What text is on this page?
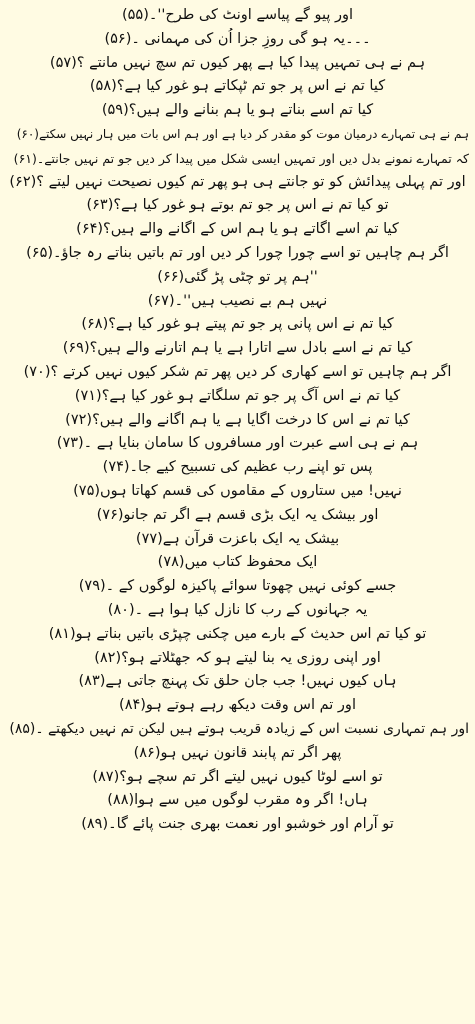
اور پیو گے پیاسے اونٹ کی طرح''۔(۵۵)
۔۔۔یہ ہو گی روزِ جزا اُن کی مہمانی ۔(۵۶)
ہم نے ہی تمہیں پیدا کیا ہے پھر کیوں تم سچ نہیں مانتے ؟(۵۷)
کیا تم نے اس پر جو تم ٹپکاتے ہو غور کیا ہے؟(۵۸)
کیا تم اسے بناتے ہو یا ہم بنانے والے ہیں؟(۵۹)
ہم نے ہی تمہارے درمیان موت کو مقدر کر دیا ہے اور ہم اس بات میں ہار نہیں سکتے(۶۰)
کہ تمہارے نمونے بدل دیں اور تمہیں ایسی شکل میں پیدا کر دیں جو تم نہیں جانتے۔(۶۱)
اور تم پہلی پیدائش کو تو جانتے ہی ہو پھر تم کیوں نصیحت نہیں لیتے ؟(۶۲)
تو کیا تم نے اس پر جو تم بوتے ہو غور کیا ہے؟(۶۳)
کیا تم اسے اگاتے ہو یا ہم اس کے اگانے والے ہیں؟(۶۴)
اگر ہم چاہیں تو اسے چورا چورا کر دیں اور تم باتیں بناتے رہ جاؤ۔(۶۵)
''ہم پر تو چٹی پڑ گئی(۶۶)
نہیں ہم بے نصیب ہیں''۔(۶۷)
کیا تم نے اس پانی پر جو تم پیتے ہو غور کیا ہے؟(۶۸)
کیا تم نے اسے بادل سے اتارا ہے یا ہم اتارنے والے ہیں؟(۶۹)
اگر ہم چاہیں تو اسے کھاری کر دیں پھر تم شکر کیوں نہیں کرتے ؟(۷۰)
کیا تم نے اس آگ پر جو تم سلگاتے ہو غور کیا ہے؟(۷۱)
کیا تم نے اس کا درخت اگایا ہے یا ہم اگانے والے ہیں؟(۷۲)
ہم نے ہی اسے عبرت اور مسافروں کا سامان بنایا ہے ۔(۷۳)
پس تو اپنے رب عظیم کی تسبیح کیے جا۔(۷۴)
نہیں! میں ستاروں کے مقاموں کی قسم کھاتا ہوں(۷۵)
اور بیشک یہ ایک بڑی قسم ہے اگر تم جانو(۷۶)
بیشک یہ ایک باعزت قرآن ہے(۷۷)
ایک محفوظ کتاب میں(۷۸)
جسے کوئی نہیں چھوتا سوائے پاکیزہ لوگوں کے ۔(۷۹)
یہ جہانوں کے رب کا نازل کیا ہوا ہے ۔(۸۰)
تو کیا تم اس حدیث کے بارے میں چکنی چپڑی باتیں بناتے ہو(۸۱)
اور اپنی روزی یہ بنا لیتے ہو کہ جھٹلاتے ہو؟(۸۲)
ہاں کیوں نہیں! جب جان حلق تک پہنچ جاتی ہے(۸۳)
اور تم اس وقت دیکھ رہے ہوتے ہو(۸۴)
اور ہم تمہاری نسبت اس کے زیادہ قریب ہوتے ہیں لیکن تم نہیں دیکھتے ۔(۸۵)
پھر اگر تم پابند قانون نہیں ہو(۸۶)
تو اسے لوٹا کیوں نہیں لیتے اگر تم سچے ہو؟(۸۷)
ہاں! اگر وہ مقرب لوگوں میں سے ہوا(۸۸)
تو آرام اور خوشبو اور نعمت بھری جنت پائے گا۔(۸۹)
